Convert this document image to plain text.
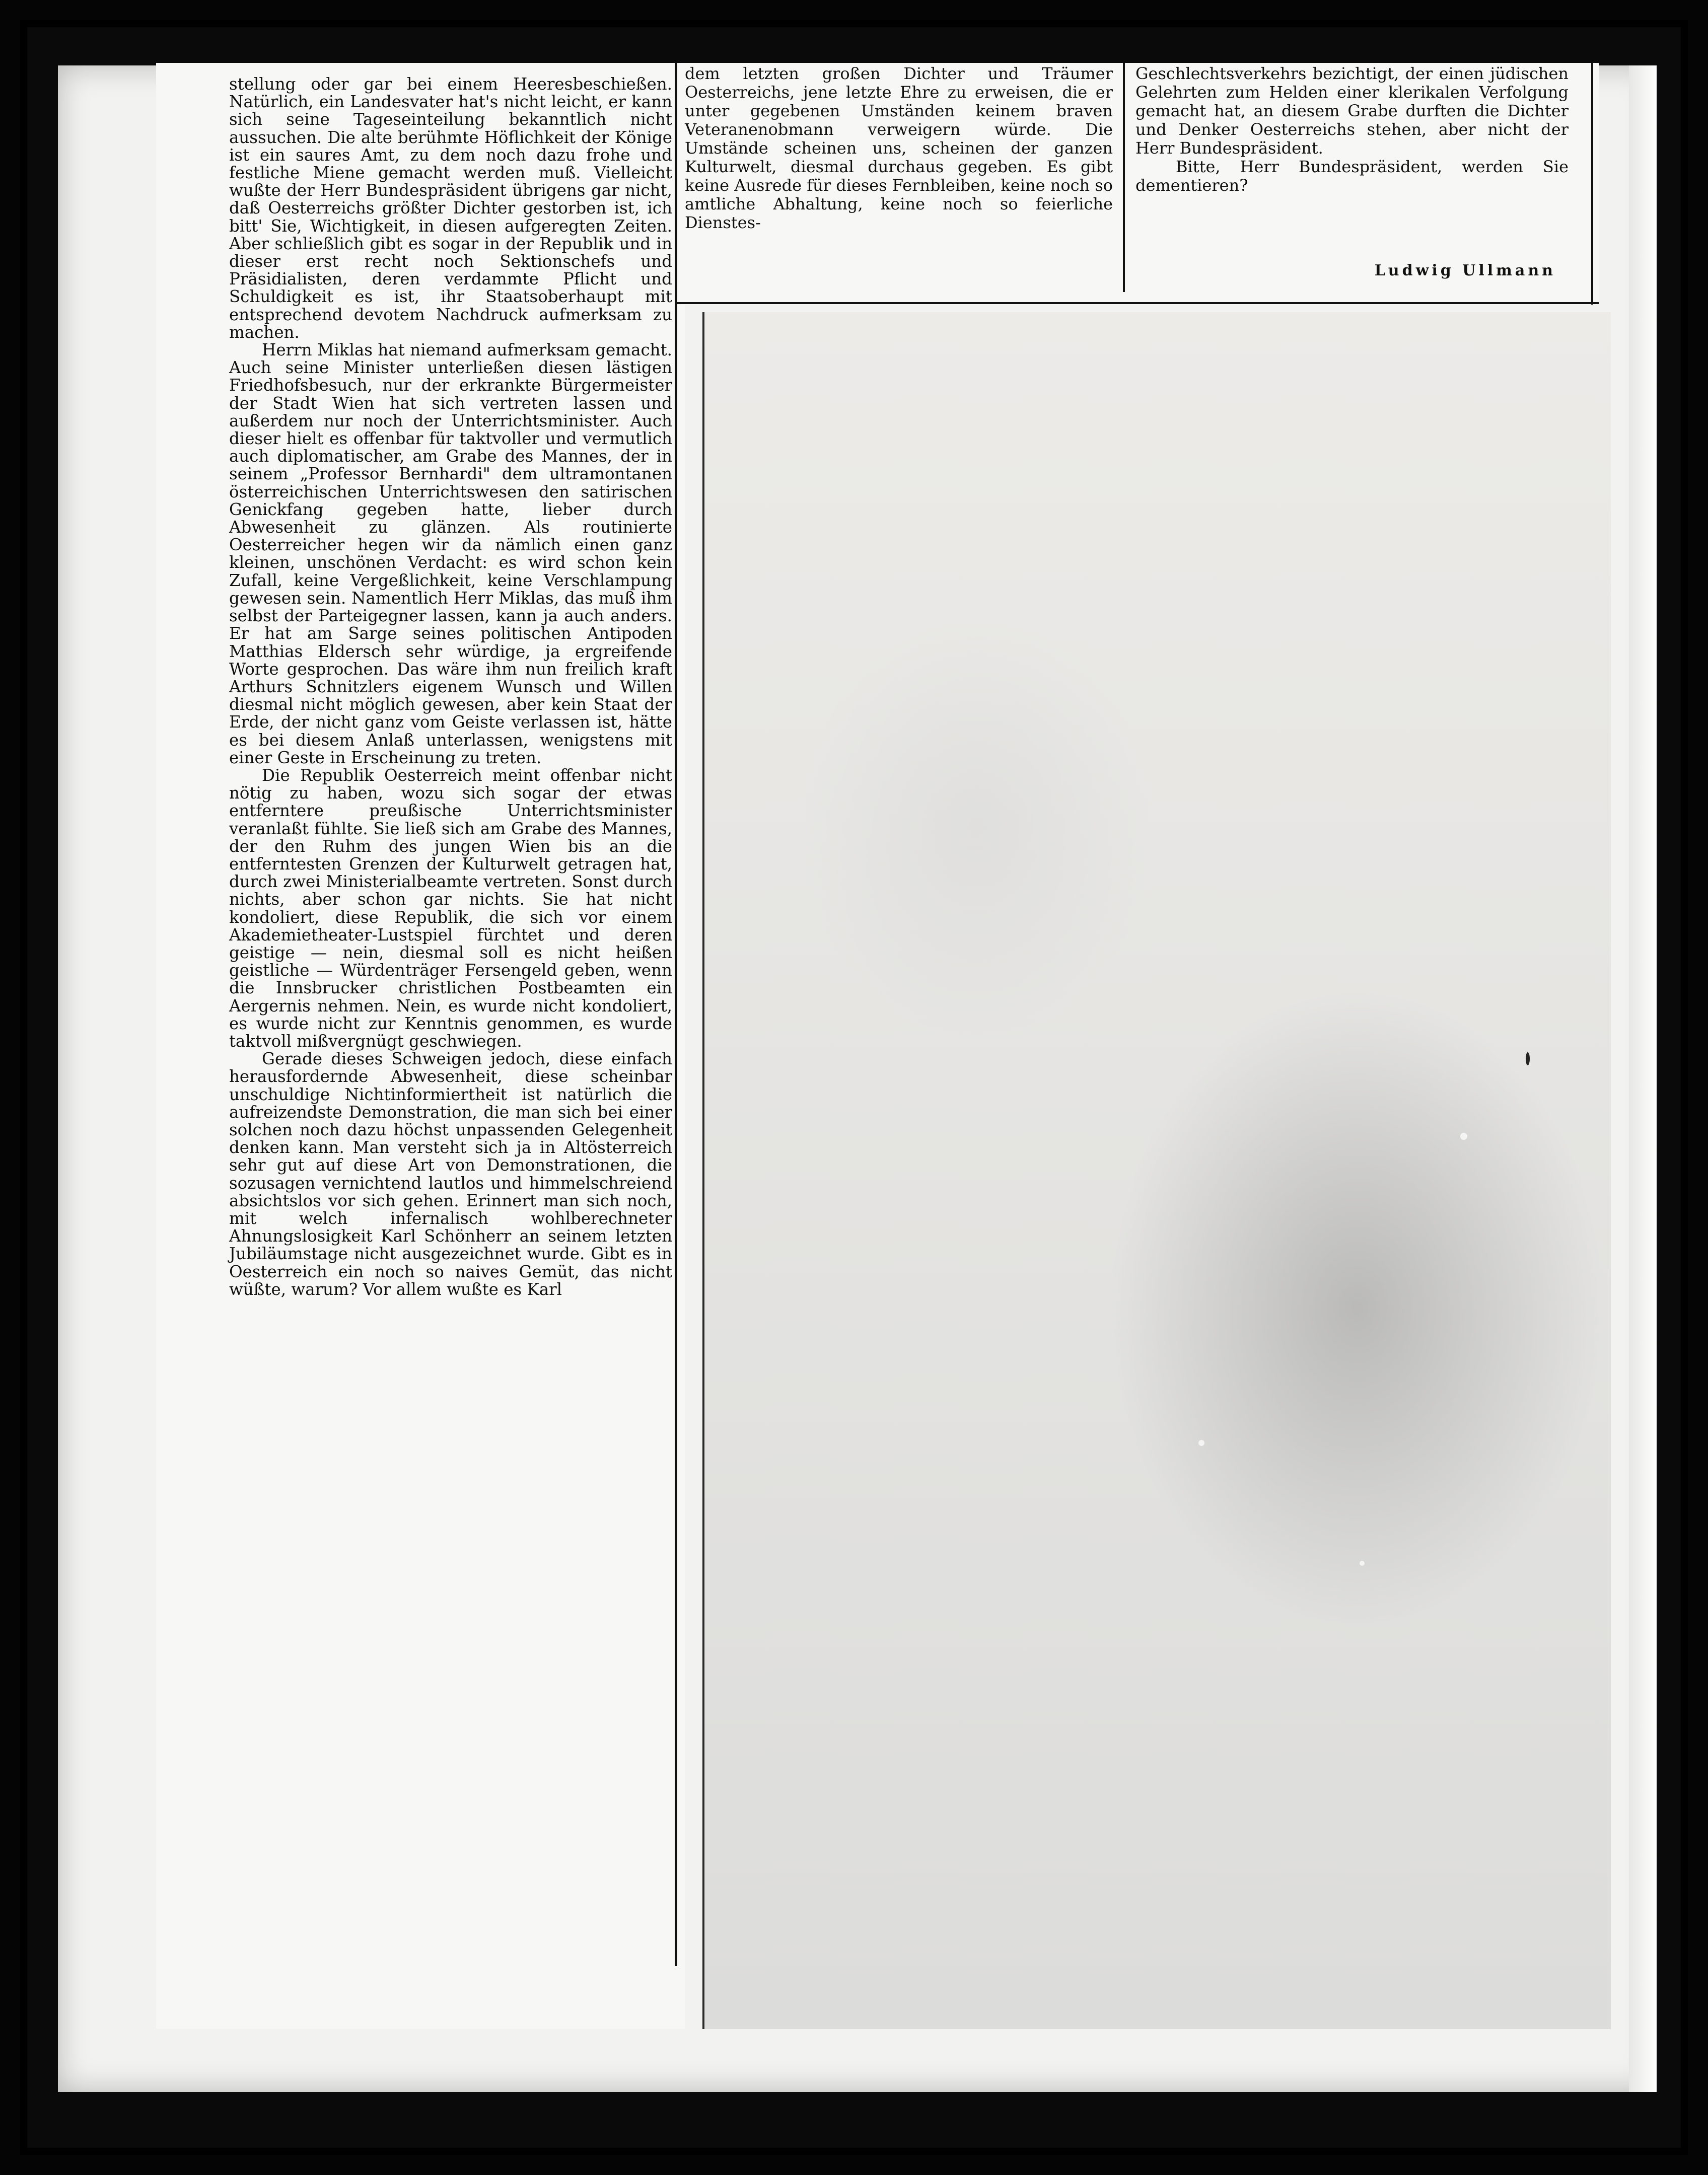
stellung oder gar bei einem Heeresbeschießen. Natürlich, ein Landesvater hat's nicht leicht, er kann sich seine Tageseinteilung bekanntlich nicht aussuchen. Die alte berühmte Höflichkeit der Könige ist ein saures Amt, zu dem noch dazu frohe und festliche Miene gemacht werden muß. Vielleicht wußte der Herr Bundespräsident übrigens gar nicht, daß Oesterreichs größter Dichter gestorben ist, ich bitt' Sie, Wichtigkeit, in diesen aufgeregten Zeiten. Aber schließlich gibt es sogar in der Republik und in dieser erst recht noch Sektionschefs und Präsidialisten, deren verdammte Pflicht und Schuldigkeit es ist, ihr Staatsoberhaupt mit entsprechend devotem Nachdruck aufmerksam zu machen.

Herrn Miklas hat niemand aufmerksam gemacht. Auch seine Minister unterließen diesen lästigen Friedhofsbesuch, nur der erkrankte Bürgermeister der Stadt Wien hat sich vertreten lassen und außerdem nur noch der Unterrichtsminister. Auch dieser hielt es offenbar für taktvoller und vermutlich auch diplomatischer, am Grabe des Mannes, der in seinem „Professor Bernhardi" dem ultramontanen österreichischen Unterrichtswesen den satirischen Genickfang gegeben hatte, lieber durch Abwesenheit zu glänzen. Als routinierte Oesterreicher hegen wir da nämlich einen ganz kleinen, unschönen Verdacht: es wird schon kein Zufall, keine Vergeßlichkeit, keine Verschlampung gewesen sein. Namentlich Herr Miklas, das muß ihm selbst der Parteigegner lassen, kann ja auch anders. Er hat am Sarge seines politischen Antipoden Matthias Eldersch sehr würdige, ja ergreifende Worte gesprochen. Das wäre ihm nun freilich kraft Arthurs Schnitzlers eigenem Wunsch und Willen diesmal nicht möglich gewesen, aber kein Staat der Erde, der nicht ganz vom Geiste verlassen ist, hätte es bei diesem Anlaß unterlassen, wenigstens mit einer Geste in Erscheinung zu treten.

Die Republik Oesterreich meint offenbar nicht nötig zu haben, wozu sich sogar der etwas entferntere preußische Unterrichtsminister veranlaßt fühlte. Sie ließ sich am Grabe des Mannes, der den Ruhm des jungen Wien bis an die entferntesten Grenzen der Kulturwelt getragen hat, durch zwei Ministerialbeamte vertreten. Sonst durch nichts, aber schon gar nichts. Sie hat nicht kondoliert, diese Republik, die sich vor einem Akademietheater-Lustspiel fürchtet und deren geistige — nein, diesmal soll es nicht heißen geistliche — Würdenträger Fersengeld geben, wenn die Innsbrucker christlichen Postbeamten ein Aergernis nehmen. Nein, es wurde nicht kondoliert, es wurde nicht zur Kenntnis genommen, es wurde taktvoll mißvergnügt geschwiegen.

Gerade dieses Schweigen jedoch, diese einfach herausfordernde Abwesenheit, diese scheinbar unschuldige Nichtinformiertheit ist natürlich die aufreizendste Demonstration, die man sich bei einer solchen noch dazu höchst unpassenden Gelegenheit denken kann. Man versteht sich ja in Altösterreich sehr gut auf diese Art von Demonstrationen, die sozusagen vernichtend lautlos und himmelschreiend absichtslos vor sich gehen. Erinnert man sich noch, mit welch infernalisch wohlberechneter Ahnungslosigkeit Karl Schönherr an seinem letzten Jubiläumstage nicht ausgezeichnet wurde. Gibt es in Oesterreich ein noch so naives Gemüt, das nicht wüßte, warum? Vor allem wußte es Karl

dem letzten großen Dichter und Träumer Oesterreichs, jene letzte Ehre zu erweisen, die er unter gegebenen Umständen keinem braven Veteranenobmann verweigern würde. Die Umstände scheinen uns, scheinen der ganzen Kulturwelt, diesmal durchaus gegeben. Es gibt keine Ausrede für dieses Fernbleiben, keine noch so amtliche Abhaltung, keine noch so feierliche Dienstes-

Geschlechtsverkehrs bezichtigt, der einen jüdischen Gelehrten zum Helden einer klerikalen Verfolgung gemacht hat, an diesem Grabe durften die Dichter und Denker Oesterreichs stehen, aber nicht der Herr Bundespräsident.

Bitte, Herr Bundespräsident, werden Sie dementieren?

Ludwig Ullmann
